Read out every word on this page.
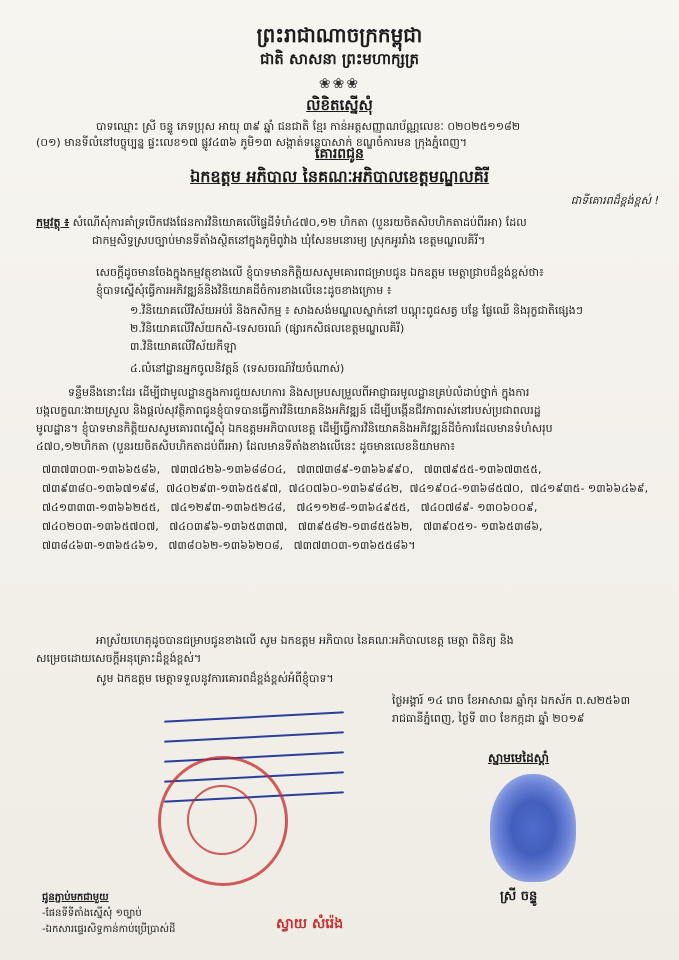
ព្រះរាជាណាចក្រកម្ពុជា
ជាតិ សាសនា ព្រះមហាក្សត្រ
❀❀❀
លិខិតស្នើសុំ
បាទឈ្មោះ ស្រី ចន្ទូ ភេទប្រុស អាយុ ៣៩ ឆ្នាំ ជនជាតិ ខ្មែរ កាន់អត្តសញ្ញាណប័ណ្ណលេខៈ ០២០២៥១១៨២
(០១) មានទីលំនៅបច្ចុប្បន្ន ផ្ទះលេខ១៧ ផ្លូវ៤៣៦ ភូមិ១៣ សង្កាត់ទន្លេបាសាក់ ខណ្ឌចំការមន ក្រុងភ្នំពេញ។
គោរពជូន
ឯកឧត្តម អភិបាល នៃគណៈអភិបាលខេត្តមណ្ឌលគិរី
ជាទីគោរពដ៏ខ្ពង់ខ្ពស់ !
កម្មវត្ថុ ៖ សំណើសុំការគាំទ្របើកវេងផែនការវិនិយោគលើផ្ទៃដីទំហំ៤៧០,១២ ហិកតា (បួនរយចិតសិបហិកតាដប់ពីរអា) ដែល
ជាកម្មសិទ្ធស្របច្បាប់មានទីតាំងស្ថិតនៅក្នុងភូមិពូវ៉ាង ឃុំសែនមនោរម្យ ស្រុកអូររាំង ខេត្តមណ្ឌលគិរី។
សេចក្តីដូចមានចែងក្នុងកម្មវត្ថុខាងលើ ខ្ញុំបាទមានកិត្តិយសសូមគោរពជម្រាបជូន ឯកឧត្តម មេត្តាជ្រាបដ៏ខ្ពង់ខ្ពស់ថា៖
ខ្ញុំបាទស្នើសុំធ្វើការអភិវឌ្ឍន៍និងវិនិយោគដីចំការខាងលើនេះដូចខាងក្រោម ៖
១.វិនិយោគលើវិស័យអប់រំ និងកសិកម្ម ៖ សាងសង់មណ្ឌលស្នាក់នៅ បណ្តុះពូជសត្វ បន្លែ ផ្លែឈើ និងរុក្ខជាតិផ្សេងៗ
២.វិនិយោគលើវិស័យកសិ-ទេសចរណ៍ (ផ្សារកសិផលខេត្តមណ្ឌលគិរី)
៣.វិនិយោគលើវិស័យកីឡា
៤.លំនៅដ្ឋានអ្នកចូលនិវត្តន៍ (ទេសចរណ៍វ័យចំណាស់)
ទន្ទឹមនឹងនោះដែរ ដើម្បីជាមូលដ្ឋានក្នុងការជួយសហការ និងសម្របសម្រួលពីអាជ្ញាធរមូលដ្ឋានគ្រប់លំដាប់ថ្នាក់ ក្នុងការ
បង្កលក្ខណៈងាយស្រួល និងផ្តល់សុវត្ថិភាពជូនខ្ញុំបាទបានធ្វើការវិនិយោគនិងអភិវឌ្ឍន៍ ដើម្បីបង្កើនជីវភាពរស់នៅរបស់ប្រជាពលរដ្ឋ
មូលដ្ឋាន។ ខ្ញុំបាទមានកិត្តិយសសូមគោរពស្នើសុំ ឯកឧត្តមអភិបាលខេត្ត ដើម្បីធ្វើការវិនិយោគនិងអភិវឌ្ឍន៍ដីចំការដែលមានទំហំសរុប
៤៧០,១២ហិកតា (បួនរយចិតសិបហិកតាដប់ពីរអា) ដែលមានទីតាំងខាងលើនេះ ដូចមានលេខនិយាមកា៖
៧៣៧៣០៣-១៣៦៦៥៨៦, ៧៣៧៤២៦-១៣៦៨៨០៤, ៧៣៧៣៨៩-១៣៦៦៩៩០, ៧៣៧៩៥៥-១៣៦៧៣៥៥, ៧៣៩៣៨០-១៣៦៧១៩៨, ៧៤០២៩៣-១៣៦៥៥៩៧, ៧៤០៧៦០-១៣៦៩៨៤២, ៧៤១៩០៤-១៣៦៨៥៧០, ៧៤១៩៣៥- ១៣៦៦៤៦៩,   ៧៤១៣៣៣-១៣៦៦២៥៥, ៧៤១២៩៣-១៣៦៥២៤៨, ៧៤១១២៨-១៣៦៤៩៥៥, ៧៤០៧៨៩- ១៣០៦០០៩,   ៧៤០២០៣-១៣៦៥៧០៧, ៧៤០៣៩៦-១៣៦៥៣៣៧, ៧៣៩៥៨២-១៣៨៥៥៦២, ៧៣៩០៥១- ១៣៦៥៣៨៦,   ៧៣៨៤៦៣-១៣៦៥៤៦១, ៧៣៨០៦២-១៣៦៦២០៨, ៧៣៧៣០៣-១៣៦៥៥៨៦។
អាស្រ័យហេតុដូចបានជម្រាបជូនខាងលើ សូម ឯកឧត្តម អភិបាល នៃគណៈអភិបាលខេត្ត មេត្តា ពិនិត្យ និង
សម្រេចដោយសេចក្តីអនុគ្រោះដ៏ខ្ពង់ខ្ពស់។
សូម ឯកឧត្តម មេត្តាទទួលនូវការគោរពដ៏ខ្ពង់ខ្ពស់អំពីខ្ញុំបាទ។
ថ្ងៃអង្គារ៍ ១៤ រោច ខែអាសាឍ ឆ្នាំកុរ ឯកស័ក ព.ស២៥៦៣
រាជធានីភ្នំពេញ, ថ្ងៃទី ៣០ ខែកក្កដា ឆ្នាំ ២០១៩
ស្នាមមេដៃស្តាំ
ស្រី ចន្ទូ
ជូនភ្ជាប់មកជាមួយ
-ផែនទីទីតាំងស្នើសុំ ១ច្បាប់
-ឯកសារផ្ទេរសិទ្ធកាន់កាប់ប្រើប្រាស់ដី	ស្វាយ សំរ៉េង
